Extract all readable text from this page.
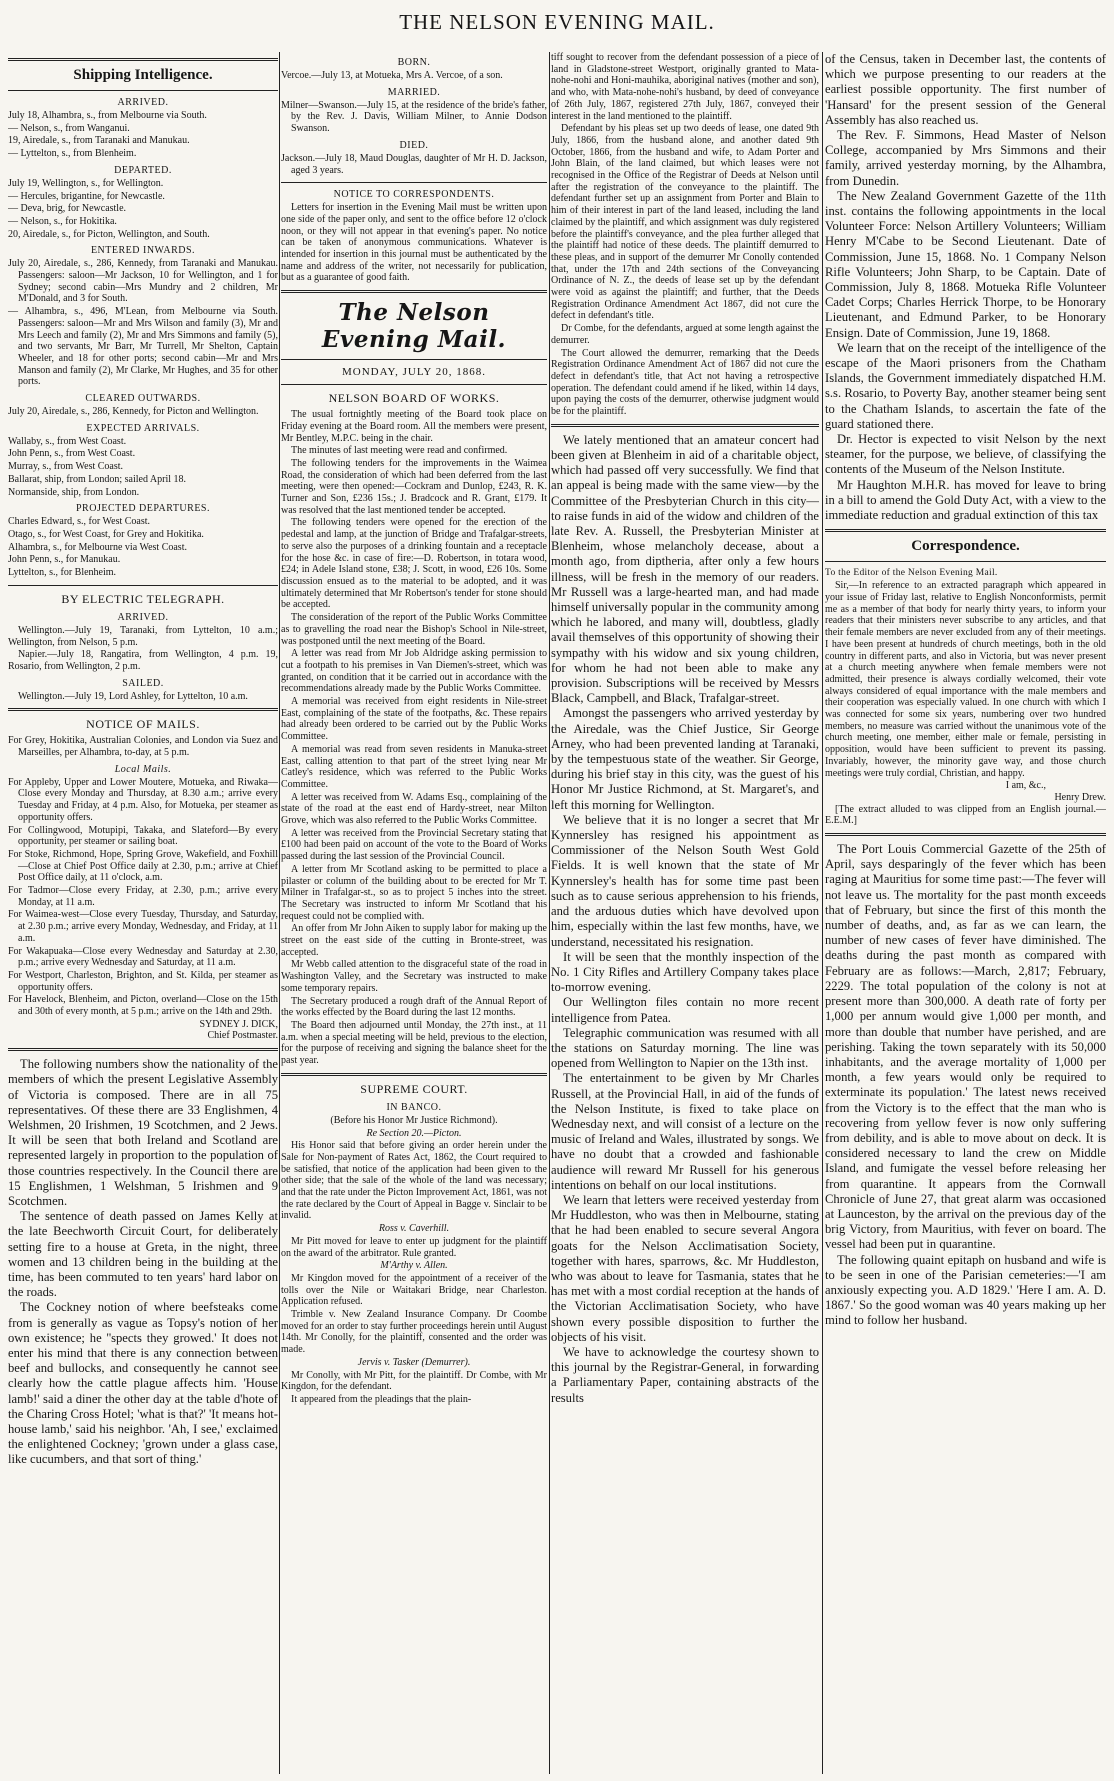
THE NELSON EVENING MAIL.
Shipping Intelligence.
ARRIVED.

July 18, Alhambra, s., from Melbourne via South.

— Nelson, s., from Wanganui.

19, Airedale, s., from Taranaki and Manukau.

— Lyttelton, s., from Blenheim.

DEPARTED.

July 19, Wellington, s., for Wellington.

— Hercules, brigantine, for Newcastle.

— Deva, brig, for Newcastle.

— Nelson, s., for Hokitika.

20, Airedale, s., for Picton, Wellington, and South.

ENTERED INWARDS.

July 20, Airedale, s., 286, Kennedy, from Taranaki and Manukau. Passengers: saloon—Mr Jackson, 10 for Wellington, and 1 for Sydney; second cabin—Mrs Mundry and 2 children, Mr M'Donald, and 3 for South.

— Alhambra, s., 496, M'Lean, from Melbourne via South. Passengers: saloon—Mr and Mrs Wilson and family (3), Mr and Mrs Leech and family (2), Mr and Mrs Simmons and family (5), and two servants, Mr Barr, Mr Turrell, Mr Shelton, Captain Wheeler, and 18 for other ports; second cabin—Mr and Mrs Manson and family (2), Mr Clarke, Mr Hughes, and 35 for other ports.

CLEARED OUTWARDS.

July 20, Airedale, s., 286, Kennedy, for Picton and Wellington.

EXPECTED ARRIVALS.

Wallaby, s., from West Coast.

John Penn, s., from West Coast.

Murray, s., from West Coast.

Ballarat, ship, from London; sailed April 18.

Normanside, ship, from London.

PROJECTED DEPARTURES.

Charles Edward, s., for West Coast.

Otago, s., for West Coast, for Grey and Hokitika.

Alhambra, s., for Melbourne via West Coast.

John Penn, s., for Manukau.

Lyttelton, s., for Blenheim.

BY ELECTRIC TELEGRAPH.
ARRIVED.

Wellington.—July 19, Taranaki, from Lyttelton, 10 a.m.; Wellington, from Nelson, 5 p.m.

Napier.—July 18, Rangatira, from Wellington, 4 p.m. 19, Rosario, from Wellington, 2 p.m.

SAILED.

Wellington.—July 19, Lord Ashley, for Lyttelton, 10 a.m.

NOTICE OF MAILS.

For Grey, Hokitika, Australian Colonies, and London via Suez and Marseilles, per Alhambra, to-day, at 5 p.m.

Local Mails.

For Appleby, Upper and Lower Moutere, Motueka, and Riwaka—Close every Monday and Thursday, at 8.30 a.m.; arrive every Tuesday and Friday, at 4 p.m. Also, for Motueka, per steamer as opportunity offers.

For Collingwood, Motupipi, Takaka, and Slateford—By every opportunity, per steamer or sailing boat.

For Stoke, Richmond, Hope, Spring Grove, Wakefield, and Foxhill—Close at Chief Post Office daily at 2.30, p.m.; arrive at Chief Post Office daily, at 11 o'clock, a.m.

For Tadmor—Close every Friday, at 2.30, p.m.; arrive every Monday, at 11 a.m.

For Waimea-west—Close every Tuesday, Thursday, and Saturday, at 2.30 p.m.; arrive every Monday, Wednesday, and Friday, at 11 a.m.

For Wakapuaka—Close every Wednesday and Saturday at 2.30, p.m.; arrive every Wednesday and Saturday, at 11 a.m.

For Westport, Charleston, Brighton, and St. Kilda, per steamer as opportunity offers.

For Havelock, Blenheim, and Picton, overland—Close on the 15th and 30th of every month, at 5 p.m.; arrive on the 14th and 29th.

SYDNEY J. DICK,

Chief Postmaster.

The following numbers show the nationality of the members of which the present Legislative Assembly of Victoria is composed. There are in all 75 representatives. Of these there are 33 Englishmen, 4 Welshmen, 20 Irishmen, 19 Scotchmen, and 2 Jews. It will be seen that both Ireland and Scotland are represented largely in proportion to the population of those countries respectively. In the Council there are 15 Englishmen, 1 Welshman, 5 Irishmen and 9 Scotchmen.

The sentence of death passed on James Kelly at the late Beechworth Circuit Court, for deliberately setting fire to a house at Greta, in the night, three women and 13 children being in the building at the time, has been commuted to ten years' hard labor on the roads.

The Cockney notion of where beefsteaks come from is generally as vague as Topsy's notion of her own existence; he ''spects they growed.' It does not enter his mind that there is any connection between beef and bullocks, and consequently he cannot see clearly how the cattle plague affects him. 'House lamb!' said a diner the other day at the table d'hote of the Charing Cross Hotel; 'what is that?' 'It means hot-house lamb,' said his neighbor. 'Ah, I see,' exclaimed the enlightened Cockney; 'grown under a glass case, like cucumbers, and that sort of thing.'

BORN.

Vercoe.—July 13, at Motueka, Mrs A. Vercoe, of a son.

MARRIED.

Milner—Swanson.—July 15, at the residence of the bride's father, by the Rev. J. Davis, William Milner, to Annie Dodson Swanson.

DIED.

Jackson.—July 18, Maud Douglas, daughter of Mr H. D. Jackson, aged 3 years.

NOTICE TO CORRESPONDENTS.

Letters for insertion in the Evening Mail must be written upon one side of the paper only, and sent to the office before 12 o'clock noon, or they will not appear in that evening's paper. No notice can be taken of anonymous communications. Whatever is intended for insertion in this journal must be authenticated by the name and address of the writer, not necessarily for publication, but as a guarantee of good faith.

The Nelson Evening Mail.
MONDAY, JULY 20, 1868.
NELSON BOARD OF WORKS.

The usual fortnightly meeting of the Board took place on Friday evening at the Board room. All the members were present, Mr Bentley, M.P.C. being in the chair.

The minutes of last meeting were read and confirmed.

The following tenders for the improvements in the Waimea Road, the consideration of which had been deferred from the last meeting, were then opened:—Cockram and Dunlop, £243, R. K. Turner and Son, £236 15s.; J. Bradcock and R. Grant, £179. It was resolved that the last mentioned tender be accepted.

The following tenders were opened for the erection of the pedestal and lamp, at the junction of Bridge and Trafalgar-streets, to serve also the purposes of a drinking fountain and a receptacle for the hose &c. in case of fire:—D. Robertson, in totara wood, £24; in Adele Island stone, £38; J. Scott, in wood, £26 10s. Some discussion ensued as to the material to be adopted, and it was ultimately determined that Mr Robertson's tender for stone should be accepted.

The consideration of the report of the Public Works Committee as to gravelling the road near the Bishop's School in Nile-street, was postponed until the next meeting of the Board.

A letter was read from Mr Job Aldridge asking permission to cut a footpath to his premises in Van Diemen's-street, which was granted, on condition that it be carried out in accordance with the recommendations already made by the Public Works Committee.

A memorial was received from eight residents in Nile-street East, complaining of the state of the footpaths, &c. These repairs had already been ordered to be carried out by the Public Works Committee.

A memorial was read from seven residents in Manuka-street East, calling attention to that part of the street lying near Mr Catley's residence, which was referred to the Public Works Committee.

A letter was received from W. Adams Esq., complaining of the state of the road at the east end of Hardy-street, near Milton Grove, which was also referred to the Public Works Committee.

A letter was received from the Provincial Secretary stating that £100 had been paid on account of the vote to the Board of Works passed during the last session of the Provincial Council.

A letter from Mr Scotland asking to be permitted to place a pilaster or column of the building about to be erected for Mr T. Milner in Trafalgar-st., so as to project 5 inches into the street. The Secretary was instructed to inform Mr Scotland that his request could not be complied with.

An offer from Mr John Aiken to supply labor for making up the street on the east side of the cutting in Bronte-street, was accepted.

Mr Webb called attention to the disgraceful state of the road in Washington Valley, and the Secretary was instructed to make some temporary repairs.

The Secretary produced a rough draft of the Annual Report of the works effected by the Board during the last 12 months.

The Board then adjourned until Monday, the 27th inst., at 11 a.m. when a special meeting will be held, previous to the election, for the purpose of receiving and signing the balance sheet for the past year.

SUPREME COURT.
IN BANCO.

(Before his Honor Mr Justice Richmond).

Re Section 20.—Picton.

His Honor said that before giving an order herein under the Sale for Non-payment of Rates Act, 1862, the Court required to be satisfied, that notice of the application had been given to the other side; that the sale of the whole of the land was necessary; and that the rate under the Picton Improvement Act, 1861, was not the rate declared by the Court of Appeal in Bagge v. Sinclair to be invalid.

Ross v. Caverhill.

Mr Pitt moved for leave to enter up judgment for the plaintiff on the award of the arbitrator. Rule granted.

M'Arthy v. Allen.

Mr Kingdon moved for the appointment of a receiver of the tolls over the Nile or Waitakari Bridge, near Charleston. Application refused.

Trimble v. New Zealand Insurance Company. Dr Coombe moved for an order to stay further proceedings herein until August 14th. Mr Conolly, for the plaintiff, consented and the order was made.

Jervis v. Tasker (Demurrer).

Mr Conolly, with Mr Pitt, for the plaintiff. Dr Combe, with Mr Kingdon, for the defendant.

It appeared from the pleadings that the plain-

tiff sought to recover from the defendant possession of a piece of land in Gladstone-street Westport, originally granted to Mata-nohe-nohi and Honi-mauhika, aboriginal natives (mother and son), and who, with Mata-nohe-nohi's husband, by deed of conveyance of 26th July, 1867, registered 27th July, 1867, conveyed their interest in the land mentioned to the plaintiff.

Defendant by his pleas set up two deeds of lease, one dated 9th July, 1866, from the husband alone, and another dated 9th October, 1866, from the husband and wife, to Adam Porter and John Blain, of the land claimed, but which leases were not recognised in the Office of the Registrar of Deeds at Nelson until after the registration of the conveyance to the plaintiff. The defendant further set up an assignment from Porter and Blain to him of their interest in part of the land leased, including the land claimed by the plaintiff, and which assignment was duly registered before the plaintiff's conveyance, and the plea further alleged that the plaintiff had notice of these deeds. The plaintiff demurred to these pleas, and in support of the demurrer Mr Conolly contended that, under the 17th and 24th sections of the Conveyancing Ordinance of N. Z., the deeds of lease set up by the defendant were void as against the plaintiff; and further, that the Deeds Registration Ordinance Amendment Act 1867, did not cure the defect in defendant's title.

Dr Combe, for the defendants, argued at some length against the demurrer.

The Court allowed the demurrer, remarking that the Deeds Registration Ordinance Amendment Act of 1867 did not cure the defect in defendant's title, that Act not having a retrospective operation. The defendant could amend if he liked, within 14 days, upon paying the costs of the demurrer, otherwise judgment would be for the plaintiff.

We lately mentioned that an amateur concert had been given at Blenheim in aid of a charitable object, which had passed off very successfully. We find that an appeal is being made with the same view—by the Committee of the Presbyterian Church in this city—to raise funds in aid of the widow and children of the late Rev. A. Russell, the Presbyterian Minister at Blenheim, whose melancholy decease, about a month ago, from diptheria, after only a few hours illness, will be fresh in the memory of our readers. Mr Russell was a large-hearted man, and had made himself universally popular in the community among which he labored, and many will, doubtless, gladly avail themselves of this opportunity of showing their sympathy with his widow and six young children, for whom he had not been able to make any provision. Subscriptions will be received by Messrs Black, Campbell, and Black, Trafalgar-street.

Amongst the passengers who arrived yesterday by the Airedale, was the Chief Justice, Sir George Arney, who had been prevented landing at Taranaki, by the tempestuous state of the weather. Sir George, during his brief stay in this city, was the guest of his Honor Mr Justice Richmond, at St. Margaret's, and left this morning for Wellington.

We believe that it is no longer a secret that Mr Kynnersley has resigned his appointment as Commissioner of the Nelson South West Gold Fields. It is well known that the state of Mr Kynnersley's health has for some time past been such as to cause serious apprehension to his friends, and the arduous duties which have devolved upon him, especially within the last few months, have, we understand, necessitated his resignation.

It will be seen that the monthly inspection of the No. 1 City Rifles and Artillery Company takes place to-morrow evening.

Our Wellington files contain no more recent intelligence from Patea.

Telegraphic communication was resumed with all the stations on Saturday morning. The line was opened from Wellington to Napier on the 13th inst.

The entertainment to be given by Mr Charles Russell, at the Provincial Hall, in aid of the funds of the Nelson Institute, is fixed to take place on Wednesday next, and will consist of a lecture on the music of Ireland and Wales, illustrated by songs. We have no doubt that a crowded and fashionable audience will reward Mr Russell for his generous intentions on behalf on our local institutions.

We learn that letters were received yesterday from Mr Huddleston, who was then in Melbourne, stating that he had been enabled to secure several Angora goats for the Nelson Acclimatisation Society, together with hares, sparrows, &c. Mr Huddleston, who was about to leave for Tasmania, states that he has met with a most cordial reception at the hands of the Victorian Acclimatisation Society, who have shown every possible disposition to further the objects of his visit.

We have to acknowledge the courtesy shown to this journal by the Registrar-General, in forwarding a Parliamentary Paper, containing abstracts of the results

of the Census, taken in December last, the contents of which we purpose presenting to our readers at the earliest possible opportunity. The first number of 'Hansard' for the present session of the General Assembly has also reached us.

The Rev. F. Simmons, Head Master of Nelson College, accompanied by Mrs Simmons and their family, arrived yesterday morning, by the Alhambra, from Dunedin.

The New Zealand Government Gazette of the 11th inst. contains the following appointments in the local Volunteer Force: Nelson Artillery Volunteers; William Henry M'Cabe to be Second Lieutenant. Date of Commission, June 15, 1868. No. 1 Company Nelson Rifle Volunteers; John Sharp, to be Captain. Date of Commission, July 8, 1868. Motueka Rifle Volunteer Cadet Corps; Charles Herrick Thorpe, to be Honorary Lieutenant, and Edmund Parker, to be Honorary Ensign. Date of Commission, June 19, 1868.

We learn that on the receipt of the intelligence of the escape of the Maori prisoners from the Chatham Islands, the Government immediately dispatched H.M. s.s. Rosario, to Poverty Bay, another steamer being sent to the Chatham Islands, to ascertain the fate of the guard stationed there.

Dr. Hector is expected to visit Nelson by the next steamer, for the purpose, we believe, of classifying the contents of the Museum of the Nelson Institute.

Mr Haughton M.H.R. has moved for leave to bring in a bill to amend the Gold Duty Act, with a view to the immediate reduction and gradual extinction of this tax

Correspondence.

To the Editor of the Nelson Evening Mail.

Sir,—In reference to an extracted paragraph which appeared in your issue of Friday last, relative to English Nonconformists, permit me as a member of that body for nearly thirty years, to inform your readers that their ministers never subscribe to any articles, and that their female members are never excluded from any of their meetings. I have been present at hundreds of church meetings, both in the old country in different parts, and also in Victoria, but was never present at a church meeting anywhere when female members were not admitted, their presence is always cordially welcomed, their vote always considered of equal importance with the male members and their cooperation was especially valued. In one church with which I was connected for some six years, numbering over two hundred members, no measure was carried without the unanimous vote of the church meeting, one member, either male or female, persisting in opposition, would have been sufficient to prevent its passing. Invariably, however, the minority gave way, and those church meetings were truly cordial, Christian, and happy.

I am, &c.,

Henry Drew.

[The extract alluded to was clipped from an English journal.—E.E.M.]

The Port Louis Commercial Gazette of the 25th of April, says desparingly of the fever which has been raging at Mauritius for some time past:—The fever will not leave us. The mortality for the past month exceeds that of February, but since the first of this month the number of deaths, and, as far as we can learn, the number of new cases of fever have diminished. The deaths during the past month as compared with February are as follows:—March, 2,817; February, 2229. The total population of the colony is not at present more than 300,000. A death rate of forty per 1,000 per annum would give 1,000 per month, and more than double that number have perished, and are perishing. Taking the town separately with its 50,000 inhabitants, and the average mortality of 1,000 per month, a few years would only be required to exterminate its population.' The latest news received from the Victory is to the effect that the man who is recovering from yellow fever is now only suffering from debility, and is able to move about on deck. It is considered necessary to land the crew on Middle Island, and fumigate the vessel before releasing her from quarantine. It appears from the Cornwall Chronicle of June 27, that great alarm was occasioned at Launceston, by the arrival on the previous day of the brig Victory, from Mauritius, with fever on board. The vessel had been put in quarantine.

The following quaint epitaph on husband and wife is to be seen in one of the Parisian cemeteries:—'I am anxiously expecting you. A.D 1829.' 'Here I am. A. D. 1867.' So the good woman was 40 years making up her mind to follow her husband.
